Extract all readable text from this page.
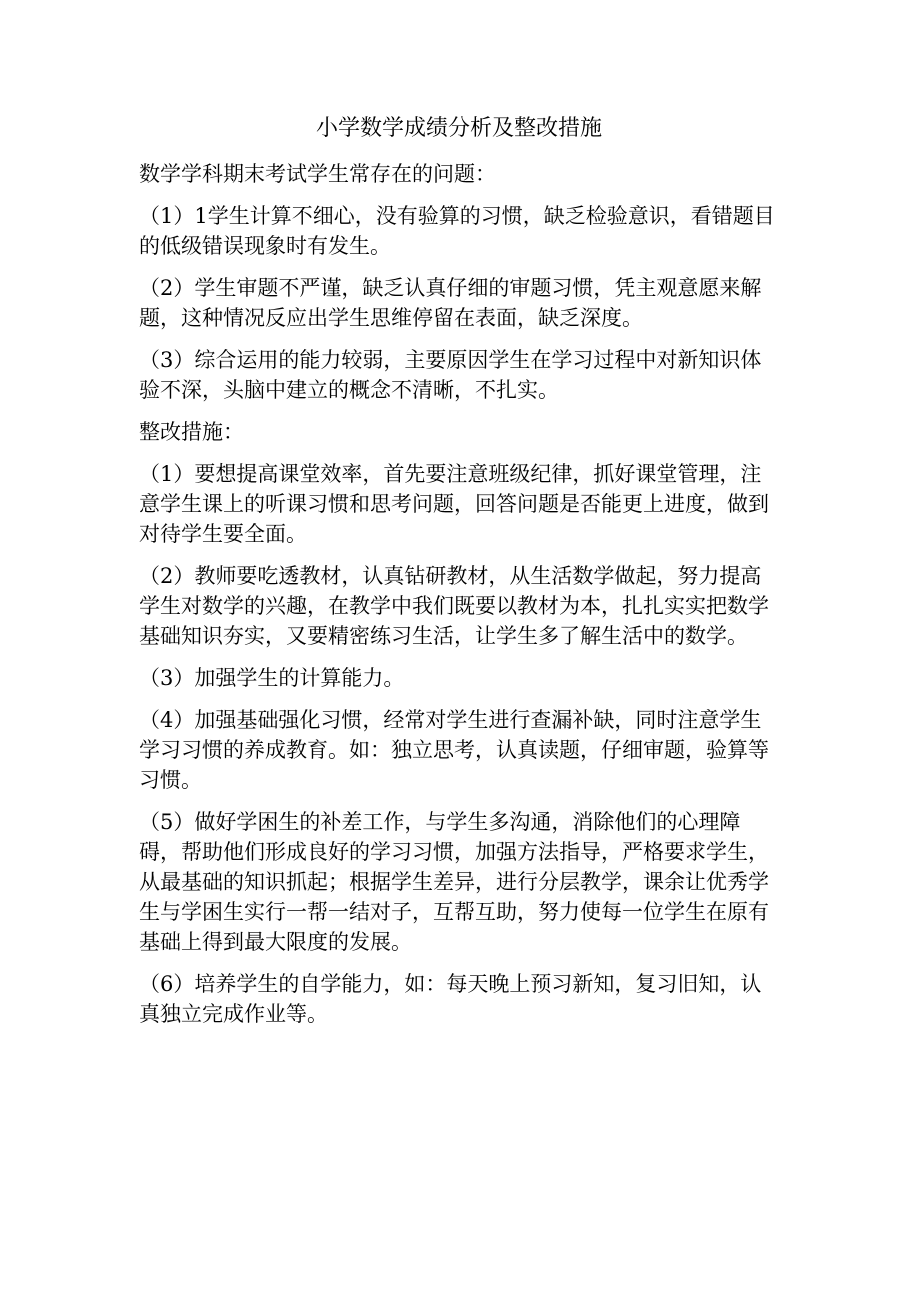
小学数学成绩分析及整改措施

数学学科期末考试学生常存在的问题：

（1）1学生计算不细心，没有验算的习惯，缺乏检验意识，看错题目的低级错误现象时有发生。

（2）学生审题不严谨，缺乏认真仔细的审题习惯，凭主观意愿来解题，这种情况反应出学生思维停留在表面，缺乏深度。

（3）综合运用的能力较弱，主要原因学生在学习过程中对新知识体验不深，头脑中建立的概念不清晰，不扎实。

整改措施：

（1）要想提高课堂效率，首先要注意班级纪律，抓好课堂管理，注意学生课上的听课习惯和思考问题，回答问题是否能更上进度，做到对待学生要全面。

（2）教师要吃透教材，认真钻研教材，从生活数学做起，努力提高学生对数学的兴趣，在教学中我们既要以教材为本，扎扎实实把数学基础知识夯实，又要精密练习生活，让学生多了解生活中的数学。

（3）加强学生的计算能力。

（4）加强基础强化习惯，经常对学生进行查漏补缺，同时注意学生学习习惯的养成教育。如：独立思考，认真读题，仔细审题，验算等习惯。

（5）做好学困生的补差工作，与学生多沟通，消除他们的心理障碍，帮助他们形成良好的学习习惯，加强方法指导，严格要求学生，从最基础的知识抓起；根据学生差异，进行分层教学，课余让优秀学生与学困生实行一帮一结对子，互帮互助，努力使每一位学生在原有基础上得到最大限度的发展。

（6）培养学生的自学能力，如：每天晚上预习新知，复习旧知，认真独立完成作业等。
